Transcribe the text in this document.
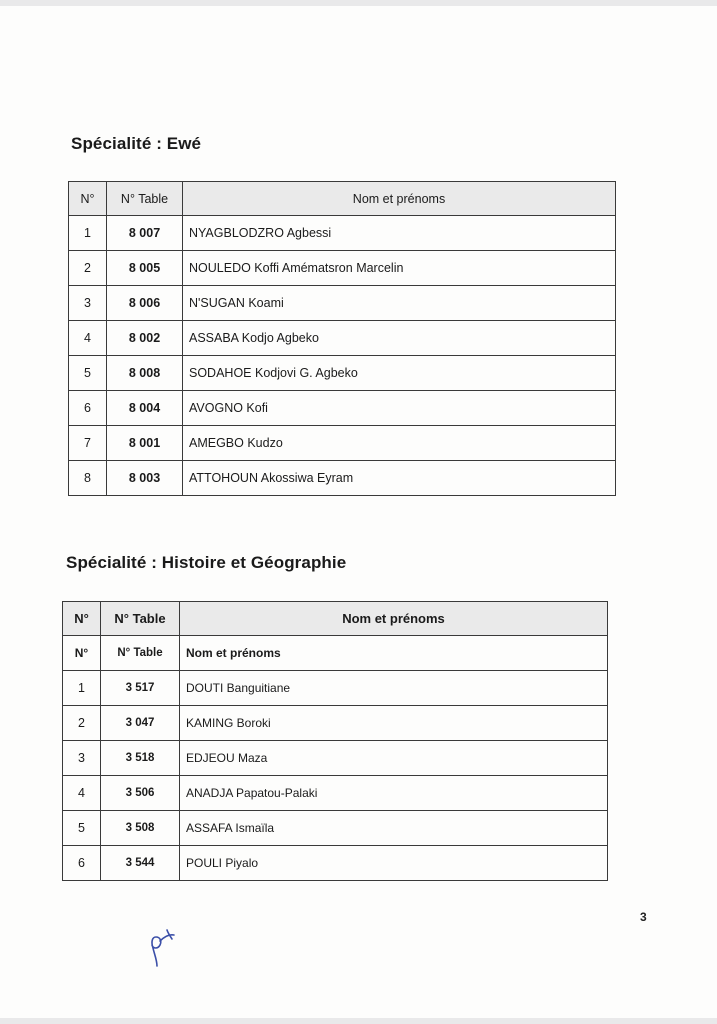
Spécialité : Ewé
N°	N° Table	Nom et prénoms
1	8 007	NYAGBLODZRO Agbessi
2	8 005	NOULEDO Koffi Amématsron Marcelin
3	8 006	N'SUGAN Koami
4	8 002	ASSABA Kodjo Agbeko
5	8 008	SODAHOE Kodjovi G. Agbeko
6	8 004	AVOGNO Kofi
7	8 001	AMEGBO Kudzo
8	8 003	ATTOHOUN Akossiwa Eyram
Spécialité : Histoire et Géographie
N°	N° Table	Nom et prénoms
N°	N° Table	Nom et prénoms
1	3 517	DOUTI Banguitiane
2	3 047	KAMING Boroki
3	3 518	EDJEOU Maza
4	3 506	ANADJA Papatou-Palaki
5	3 508	ASSAFA Ismaïla
6	3 544	POULI Piyalo
3
